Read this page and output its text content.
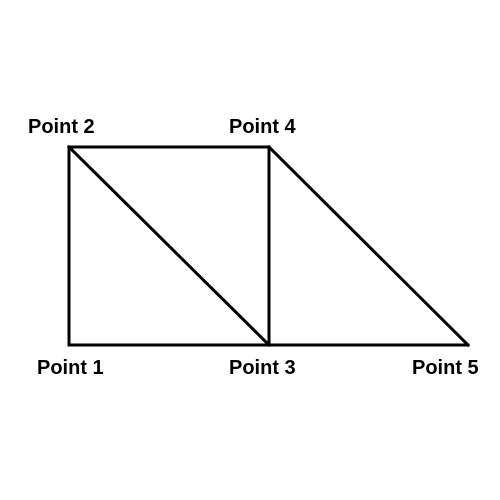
Point 2	Point 4
Point 1	Point 3	Point 5
